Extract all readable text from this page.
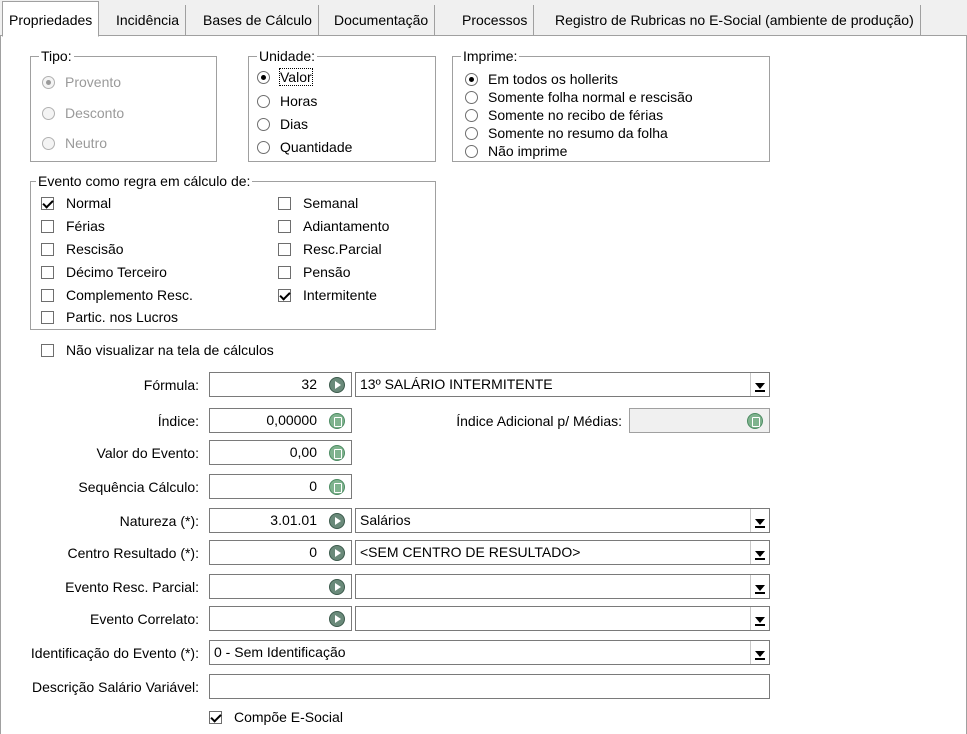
Propriedades	Incidência	Bases de Cálculo	Documentação	Processos	Registro de Rubricas no E-Social (ambiente de produção)
Tipo:
Provento
Desconto
Neutro
Unidade:
Valor
Horas
Dias
Quantidade
Imprime:
Em todos os hollerits
Somente folha normal e rescisão
Somente no recibo de férias
Somente no resumo da folha
Não imprime
Evento como regra em cálculo de:
Normal
Férias
Rescisão
Décimo Terceiro
Complemento Resc.
Partic. nos Lucros
Semanal
Adiantamento
Resc.Parcial
Pensão
Intermitente
Não visualizar na tela de cálculos
Fórmula:	32	13º SALÁRIO INTERMITENTE
Índice:	0,00000	Índice Adicional p/ Médias:
Valor do Evento:	0,00
Sequência Cálculo:	0
Natureza (*):	3.01.01	Salários
Centro Resultado (*):	0	<SEM CENTRO DE RESULTADO>
Evento Resc. Parcial:
Evento Correlato:
Identificação do Evento (*):	0 - Sem Identificação
Descrição Salário Variável:
Compõe E-Social
